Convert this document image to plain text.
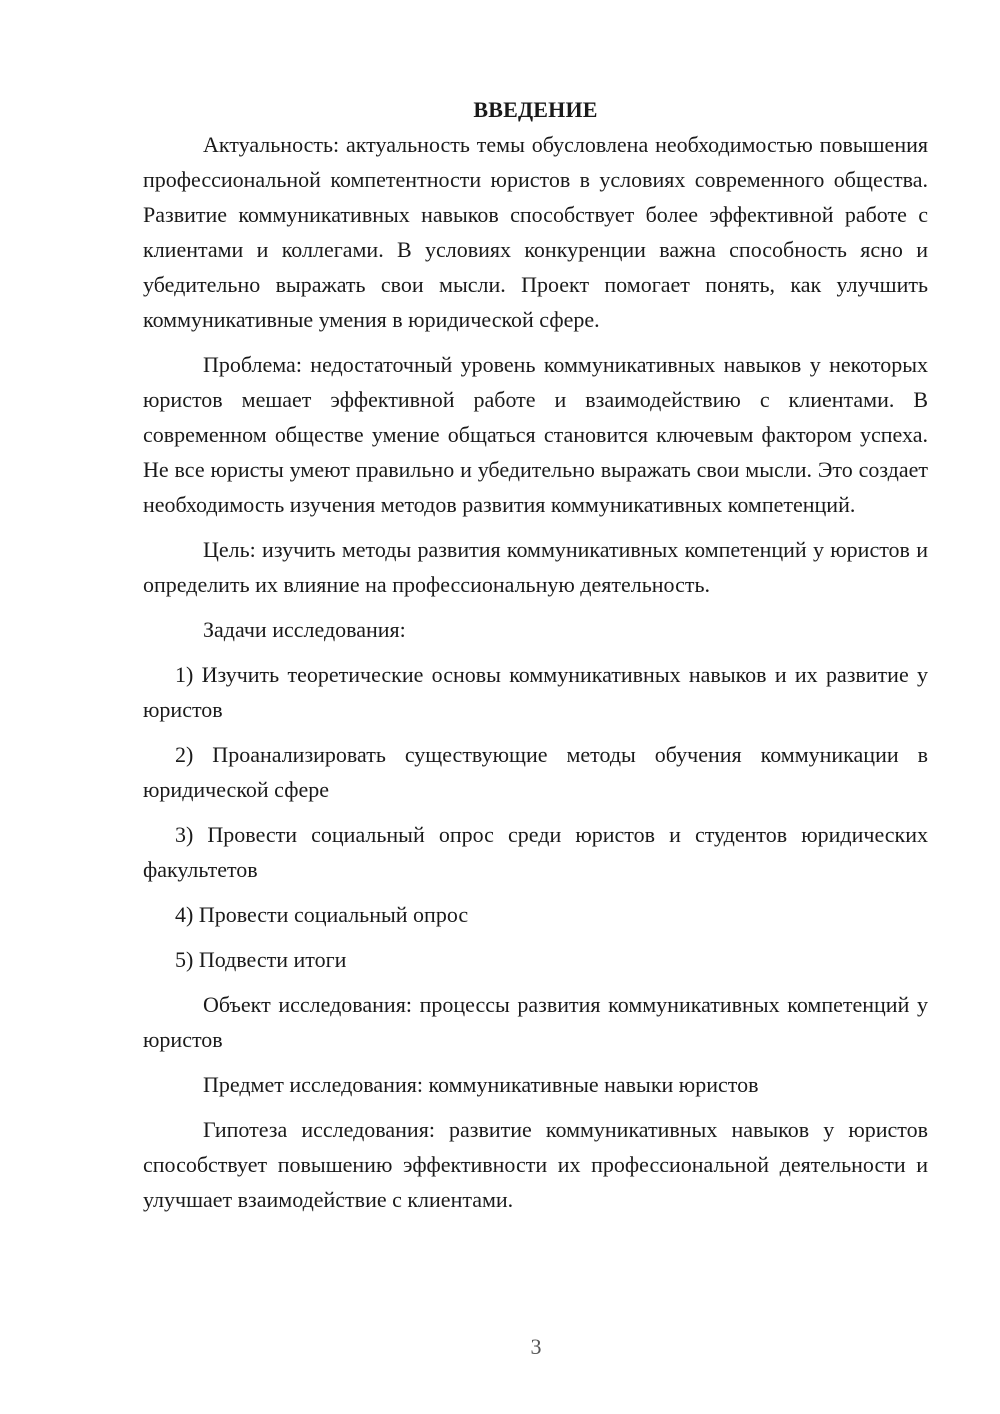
ВВЕДЕНИЕ

Актуальность: актуальность темы обусловлена необходимостью повышения профессиональной компетентности юристов в условиях современного общества. Развитие коммуникативных навыков способствует более эффективной работе с клиентами и коллегами. В условиях конкуренции важна способность ясно и убедительно выражать свои мысли. Проект помогает понять, как улучшить коммуникативные умения в юридической сфере.

Проблема: недостаточный уровень коммуникативных навыков у некоторых юристов мешает эффективной работе и взаимодействию с клиентами. В современном обществе умение общаться становится ключевым фактором успеха. Не все юристы умеют правильно и убедительно выражать свои мысли. Это создает необходимость изучения методов развития коммуникативных компетенций.

Цель: изучить методы развития коммуникативных компетенций у юристов и определить их влияние на профессиональную деятельность.

Задачи исследования:

1) Изучить теоретические основы коммуникативных навыков и их развитие у юристов

2) Проанализировать существующие методы обучения коммуникации в юридической сфере

3) Провести социальный опрос среди юристов и студентов юридических факультетов

4) Провести социальный опрос

5) Подвести итоги

Объект исследования: процессы развития коммуникативных компетенций у юристов

Предмет исследования: коммуникативные навыки юристов

Гипотеза исследования: развитие коммуникативных навыков у юристов способствует повышению эффективности их профессиональной деятельности и улучшает взаимодействие с клиентами.

3
